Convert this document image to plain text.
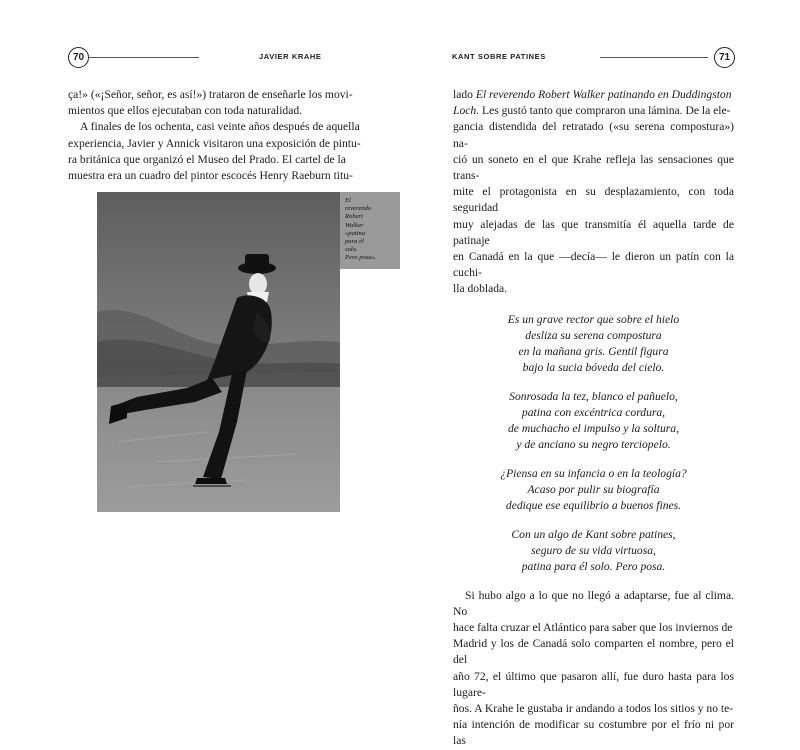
70	JAVIER KRAHE

ça!» («¡Señor, señor, es así!») trataron de enseñarle los movi-

mientos que ellos ejecutaban con toda naturalidad.

A finales de los ochenta, casi veinte años después de aquella

experiencia, Javier y Annick visitaron una exposición de pintu-

ra británica que organizó el Museo del Prado. El cartel de la

muestra era un cuadro del pintor escocés Henry Raeburn titu-

El
reverendo
Robert
Walker
«patina
para él
solo.
Pero posa».
KANT SOBRE PATINES	71

lado El reverendo Robert Walker patinando en Duddingston

Loch. Les gustó tanto que compraron una lámina. De la ele-

gancia distendida del retratado («su serena compostura») na-

ció un soneto en el que Krahe refleja las sensaciones que trans-

mite el protagonista en su desplazamiento, con toda seguridad

muy alejadas de las que transmitía él aquella tarde de patinaje

en Canadá en la que —decía— le dieron un patín con la cuchi-

lla doblada.

Es un grave rector que sobre el hielo
desliza su serena compostura
en la mañana gris. Gentil figura
bajo la sucia bóveda del cielo.
Sonrosada la tez, blanco el pañuelo,
patina con excéntrica cordura,
de muchacho el impulso y la soltura,
y de anciano su negro terciopelo.
¿Piensa en su infancia o en la teología?
Acaso por pulir su biografía
dedique ese equilibrio a buenos fines.
Con un algo de Kant sobre patines,
seguro de su vida virtuosa,
patina para él solo. Pero posa.

Si hubo algo a lo que no llegó a adaptarse, fue al clima. No

hace falta cruzar el Atlántico para saber que los inviernos de

Madrid y los de Canadá solo comparten el nombre, pero el del

año 72, el último que pasaron allí, fue duro hasta para los lugare-

ños. A Krahe le gustaba ir andando a todos los sitios y no te-

nía intención de modificar su costumbre por el frío ni por las
